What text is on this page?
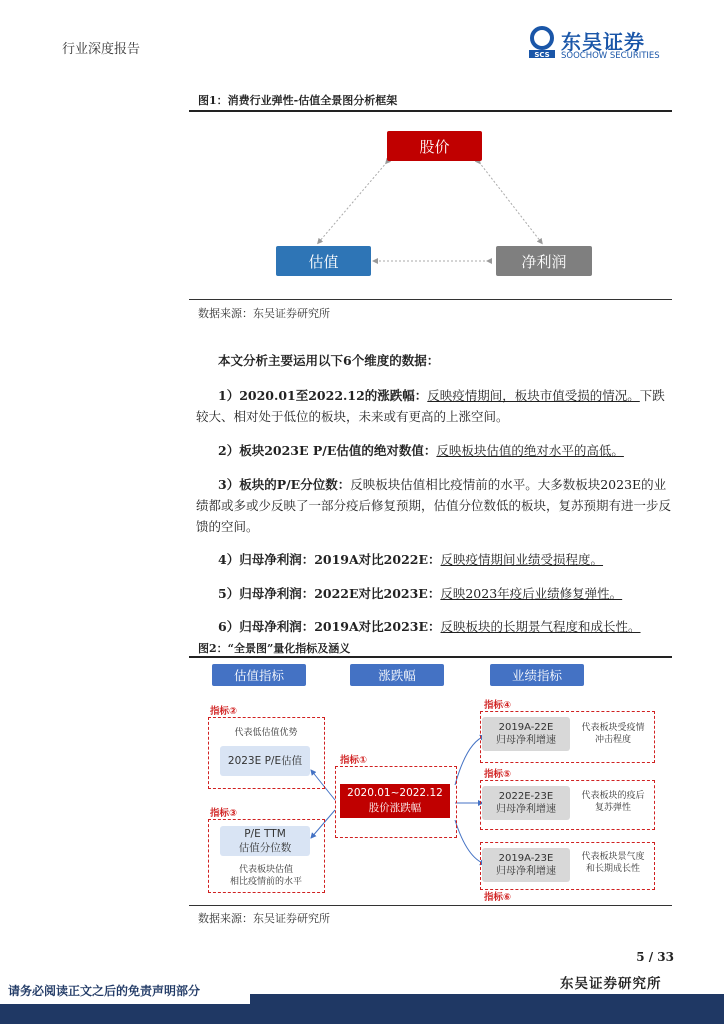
行业深度报告	SCS
东吴证券
SOOCHOW SECURITIES
图1：消费行业弹性-估值全景图分析框架
股价
估值	净利润
数据来源：东吴证券研究所
本文分析主要运用以下6个维度的数据：
1）2020.01至2022.12的涨跌幅：反映疫情期间，板块市值受损的情况。下跌较大、相对处于低位的板块，未来或有更高的上涨空间。
2）板块2023E P/E估值的绝对数值：反映板块估值的绝对水平的高低。
3）板块的P/E分位数：反映板块估值相比疫情前的水平。大多数板块2023E的业绩都或多或少反映了一部分疫后修复预期，估值分位数低的板块，复苏预期有进一步反馈的空间。
4）归母净利润：2019A对比2022E：反映疫情期间业绩受损程度。
5）归母净利润：2022E对比2023E：反映2023年疫后业绩修复弹性。
6）归母净利润：2019A对比2023E：反映板块的长期景气程度和成长性。
图2：“全景图”量化指标及涵义
估值指标	涨跌幅	业绩指标
指标②
代表低估值优势
2023E P/E估值
指标③
P/E TTM
估值分位数
代表板块估值
相比疫情前的水平
指标①
2020.01~2022.12
股价涨跌幅
指标④
2019A-22E
归母净利增速
代表板块受疫情
冲击程度
指标⑤
2022E-23E
归母净利增速
代表板块的疫后
复苏弹性
2019A-23E
归母净利增速
代表板块景气度
和长期成长性
指标⑥
数据来源：东吴证券研究所
5 / 33
东吴证券研究所
请务必阅读正文之后的免责声明部分
